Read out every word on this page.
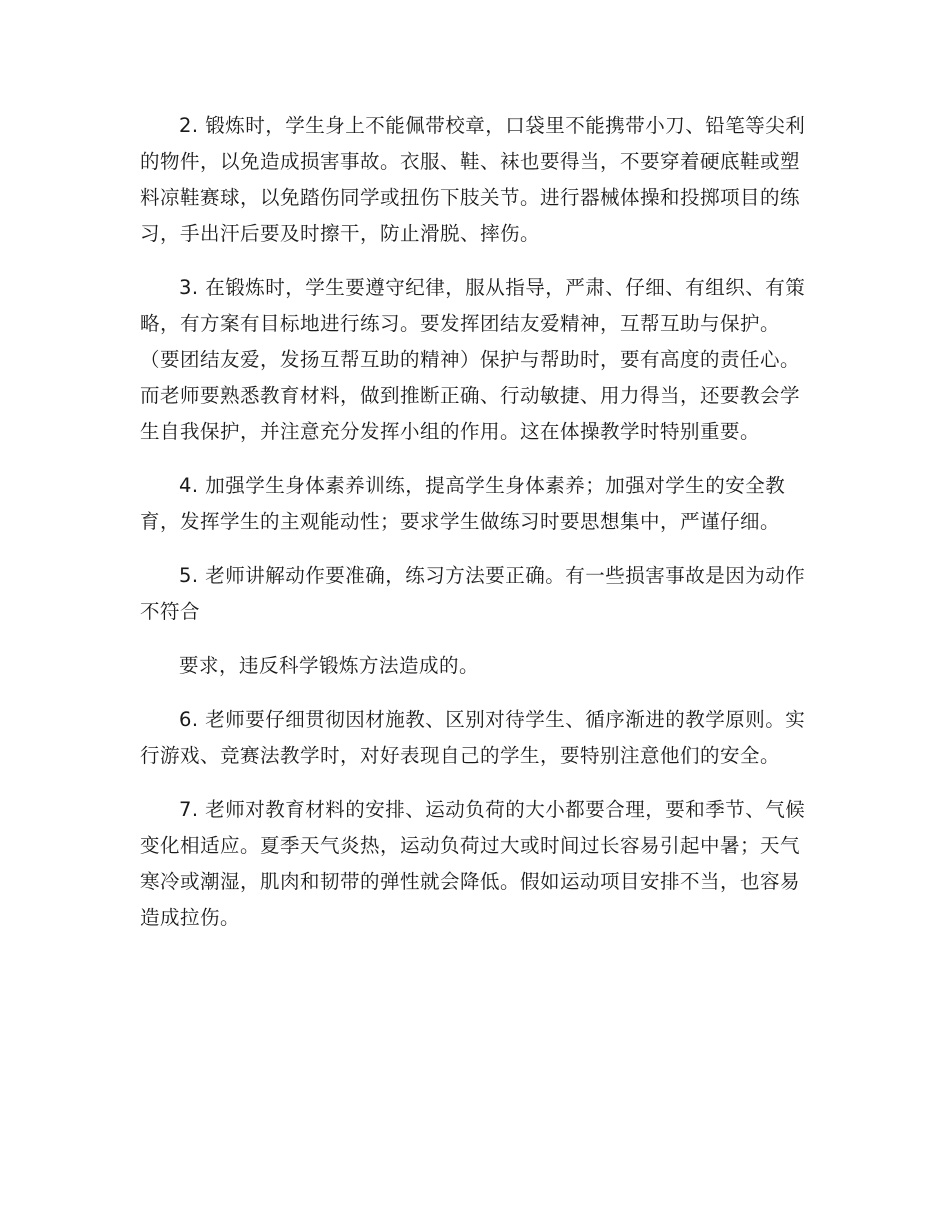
2. 锻炼时，学生身上不能佩带校章，口袋里不能携带小刀、铅笔等尖利的物件，以免造成损害事故。衣服、鞋、袜也要得当，不要穿着硬底鞋或塑料凉鞋赛球，以免踏伤同学或扭伤下肢关节。进行器械体操和投掷项目的练习，手出汗后要及时擦干，防止滑脱、摔伤。

3. 在锻炼时，学生要遵守纪律，服从指导，严肃、仔细、有组织、有策略，有方案有目标地进行练习。要发挥团结友爱精神，互帮互助与保护。（要团结友爱，发扬互帮互助的精神）保护与帮助时，要有高度的责任心。而老师要熟悉教育材料，做到推断正确、行动敏捷、用力得当，还要教会学生自我保护，并注意充分发挥小组的作用。这在体操教学时特别重要。

4. 加强学生身体素养训练，提高学生身体素养；加强对学生的安全教育，发挥学生的主观能动性；要求学生做练习时要思想集中，严谨仔细。

5. 老师讲解动作要准确，练习方法要正确。有一些损害事故是因为动作不符合

要求，违反科学锻炼方法造成的。

6. 老师要仔细贯彻因材施教、区别对待学生、循序渐进的教学原则。实行游戏、竞赛法教学时，对好表现自己的学生，要特别注意他们的安全。

7. 老师对教育材料的安排、运动负荷的大小都要合理，要和季节、气候变化相适应。夏季天气炎热，运动负荷过大或时间过长容易引起中暑；天气寒冷或潮湿，肌肉和韧带的弹性就会降低。假如运动项目安排不当，也容易造成拉伤。
